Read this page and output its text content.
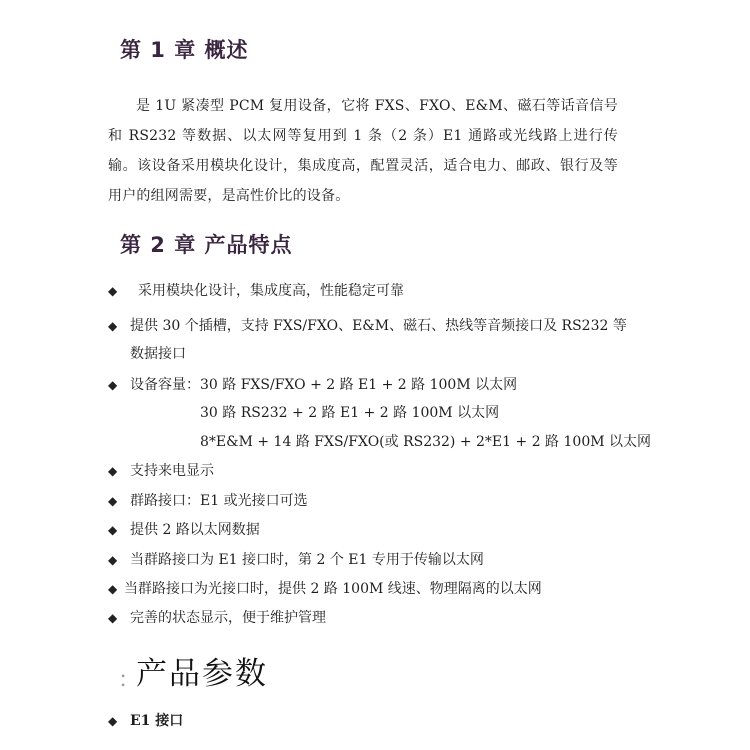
第 1 章 概述

是 1U 紧凑型 PCM 复用设备，它将 FXS、FXO、E&M、磁石等话音信号和 RS232 等数据、以太网等复用到 1 条（2 条）E1 通路或光线路上进行传输。该设备采用模块化设计，集成度高，配置灵活，适合电力、邮政、银行及等用户的组网需要，是高性价比的设备。

第 2 章 产品特点
◆ 采用模块化设计，集成度高，性能稳定可靠
◆ 提供 30 个插槽，支持 FXS/FXO、E&M、磁石、热线等音频接口及 RS232 等
数据接口
◆ 设备容量：30 路 FXS/FXO + 2 路 E1 + 2 路 100M 以太网
30 路 RS232 + 2 路 E1 + 2 路 100M 以太网
8*E&M + 14 路 FXS/FXO(或 RS232) + 2*E1 + 2 路 100M 以太网
◆ 支持来电显示
◆ 群路接口：E1 或光接口可选
◆ 提供 2 路以太网数据
◆ 当群路接口为 E1 接口时，第 2 个 E1 专用于传输以太网
◆ 当群路接口为光接口时，提供 2 路 100M 线速、物理隔离的以太网
◆ 完善的状态显示，便于维护管理
：
产品参数
◆ E1 接口
